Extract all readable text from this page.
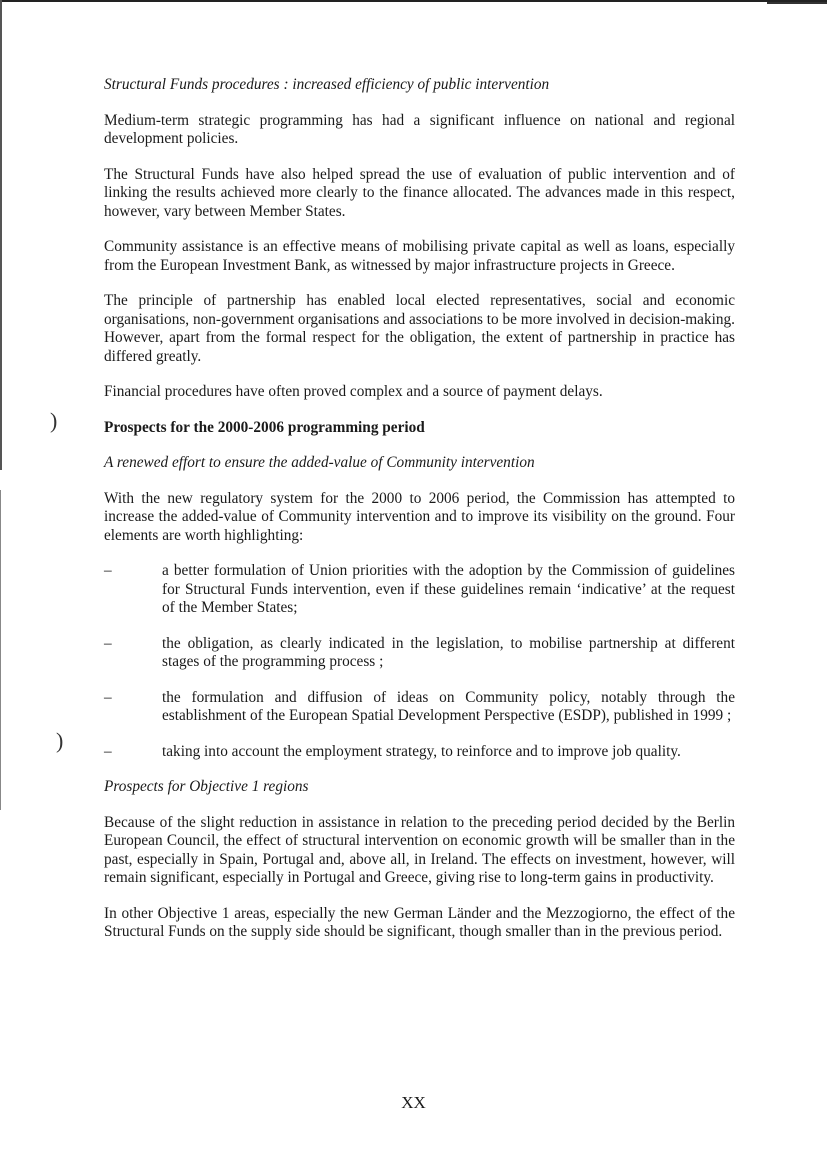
)
)

Structural Funds procedures : increased efficiency of public intervention

Medium-term strategic programming has had a significant influence on national and regional development policies.

The Structural Funds have also helped spread the use of evaluation of public intervention and of linking the results achieved more clearly to the finance allocated. The advances made in this respect, however, vary between Member States.

Community assistance is an effective means of mobilising private capital as well as loans, especially from the European Investment Bank, as witnessed by major infrastructure projects in Greece.

The principle of partnership has enabled local elected representatives, social and economic organisations, non-government organisations and associations to be more involved in decision-making. However, apart from the formal respect for the obligation, the extent of partnership in practice has differed greatly.

Financial procedures have often proved complex and a source of payment delays.

Prospects for the 2000-2006 programming period

A renewed effort to ensure the added-value of Community intervention

With the new regulatory system for the 2000 to 2006 period, the Commission has attempted to increase the added-value of Community intervention and to improve its visibility on the ground. Four elements are worth highlighting:

–	a better formulation of Union priorities with the adoption by the Commission of guidelines for Structural Funds intervention, even if these guidelines remain ‘indicative’ at the request of the Member States;
–	the obligation, as clearly indicated in the legislation, to mobilise partnership at different stages of the programming process ;
–	the formulation and diffusion of ideas on Community policy, notably through the establishment of the European Spatial Development Perspective (ESDP), published in 1999 ;
–	taking into account the employment strategy, to reinforce and to improve job quality.

Prospects for Objective 1 regions

Because of the slight reduction in assistance in relation to the preceding period decided by the Berlin European Council, the effect of structural intervention on economic growth will be smaller than in the past, especially in Spain, Portugal and, above all, in Ireland. The effects on investment, however, will remain significant, especially in Portugal and Greece, giving rise to long-term gains in productivity.

In other Objective 1 areas, especially the new German Länder and the Mezzogiorno, the effect of the Structural Funds on the supply side should be significant, though smaller than in the previous period.

XX
